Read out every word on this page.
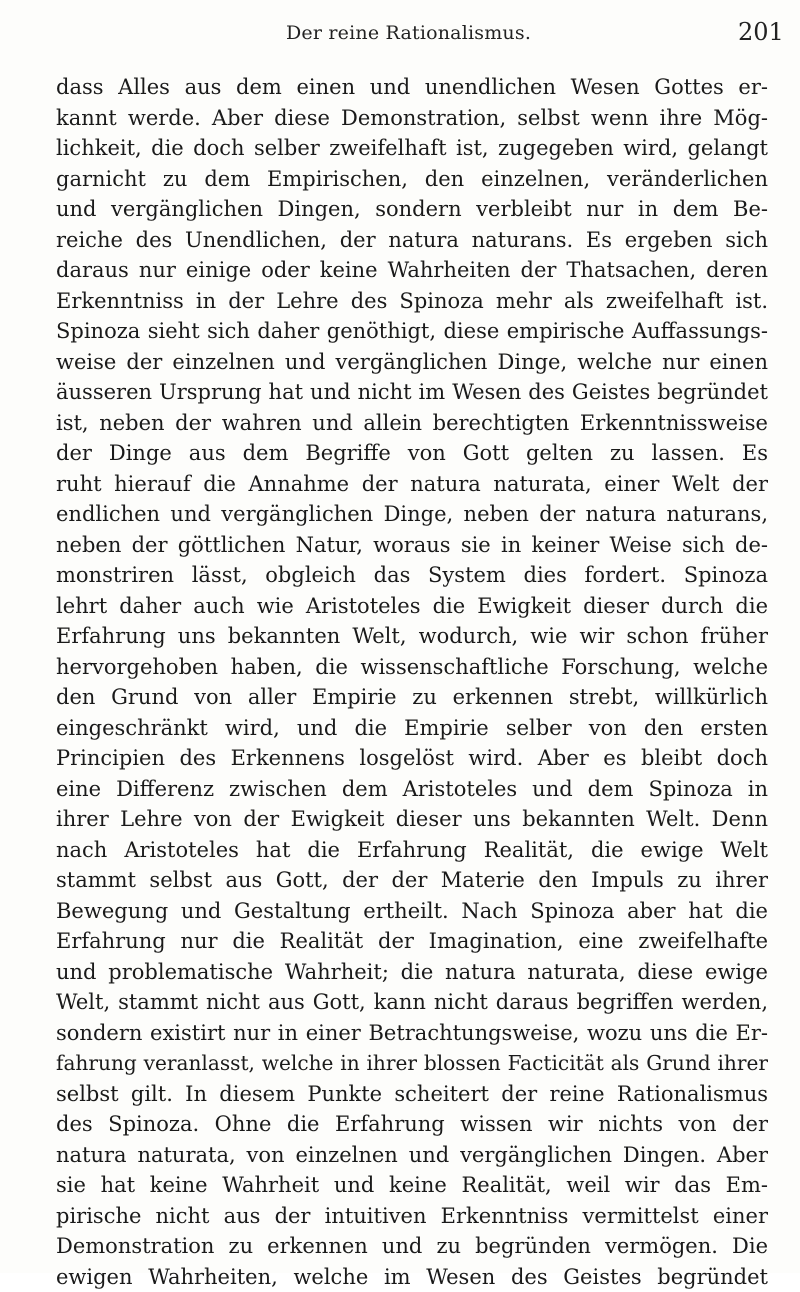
Der reine Rationalismus.	201
dass Alles aus dem einen und unendlichen Wesen Gottes er-
kannt werde. Aber diese Demonstration, selbst wenn ihre Mög-
lichkeit, die doch selber zweifelhaft ist, zugegeben wird, gelangt
garnicht zu dem Empirischen, den einzelnen, veränderlichen
und vergänglichen Dingen, sondern verbleibt nur in dem Be-
reiche des Unendlichen, der natura naturans. Es ergeben sich
daraus nur einige oder keine Wahrheiten der Thatsachen, deren
Erkenntniss in der Lehre des Spinoza mehr als zweifelhaft ist.
Spinoza sieht sich daher genöthigt, diese empirische Auffassungs-
weise der einzelnen und vergänglichen Dinge, welche nur einen
äusseren Ursprung hat und nicht im Wesen des Geistes begründet
ist, neben der wahren und allein berechtigten Erkenntnissweise
der Dinge aus dem Begriffe von Gott gelten zu lassen. Es
ruht hierauf die Annahme der natura naturata, einer Welt der
endlichen und vergänglichen Dinge, neben der natura naturans,
neben der göttlichen Natur, woraus sie in keiner Weise sich de-
monstriren lässt, obgleich das System dies fordert. Spinoza
lehrt daher auch wie Aristoteles die Ewigkeit dieser durch die
Erfahrung uns bekannten Welt, wodurch, wie wir schon früher
hervorgehoben haben, die wissenschaftliche Forschung, welche
den Grund von aller Empirie zu erkennen strebt, willkürlich
eingeschränkt wird, und die Empirie selber von den ersten
Principien des Erkennens losgelöst wird. Aber es bleibt doch
eine Differenz zwischen dem Aristoteles und dem Spinoza in
ihrer Lehre von der Ewigkeit dieser uns bekannten Welt. Denn
nach Aristoteles hat die Erfahrung Realität, die ewige Welt
stammt selbst aus Gott, der der Materie den Impuls zu ihrer
Bewegung und Gestaltung ertheilt. Nach Spinoza aber hat die
Erfahrung nur die Realität der Imagination, eine zweifelhafte
und problematische Wahrheit; die natura naturata, diese ewige
Welt, stammt nicht aus Gott, kann nicht daraus begriffen werden,
sondern existirt nur in einer Betrachtungsweise, wozu uns die Er-
fahrung veranlasst, welche in ihrer blossen Facticität als Grund ihrer
selbst gilt. In diesem Punkte scheitert der reine Rationalismus
des Spinoza. Ohne die Erfahrung wissen wir nichts von der
natura naturata, von einzelnen und vergänglichen Dingen. Aber
sie hat keine Wahrheit und keine Realität, weil wir das Em-
pirische nicht aus der intuitiven Erkenntniss vermittelst einer
Demonstration zu erkennen und zu begründen vermögen. Die
ewigen Wahrheiten, welche im Wesen des Geistes begründet
